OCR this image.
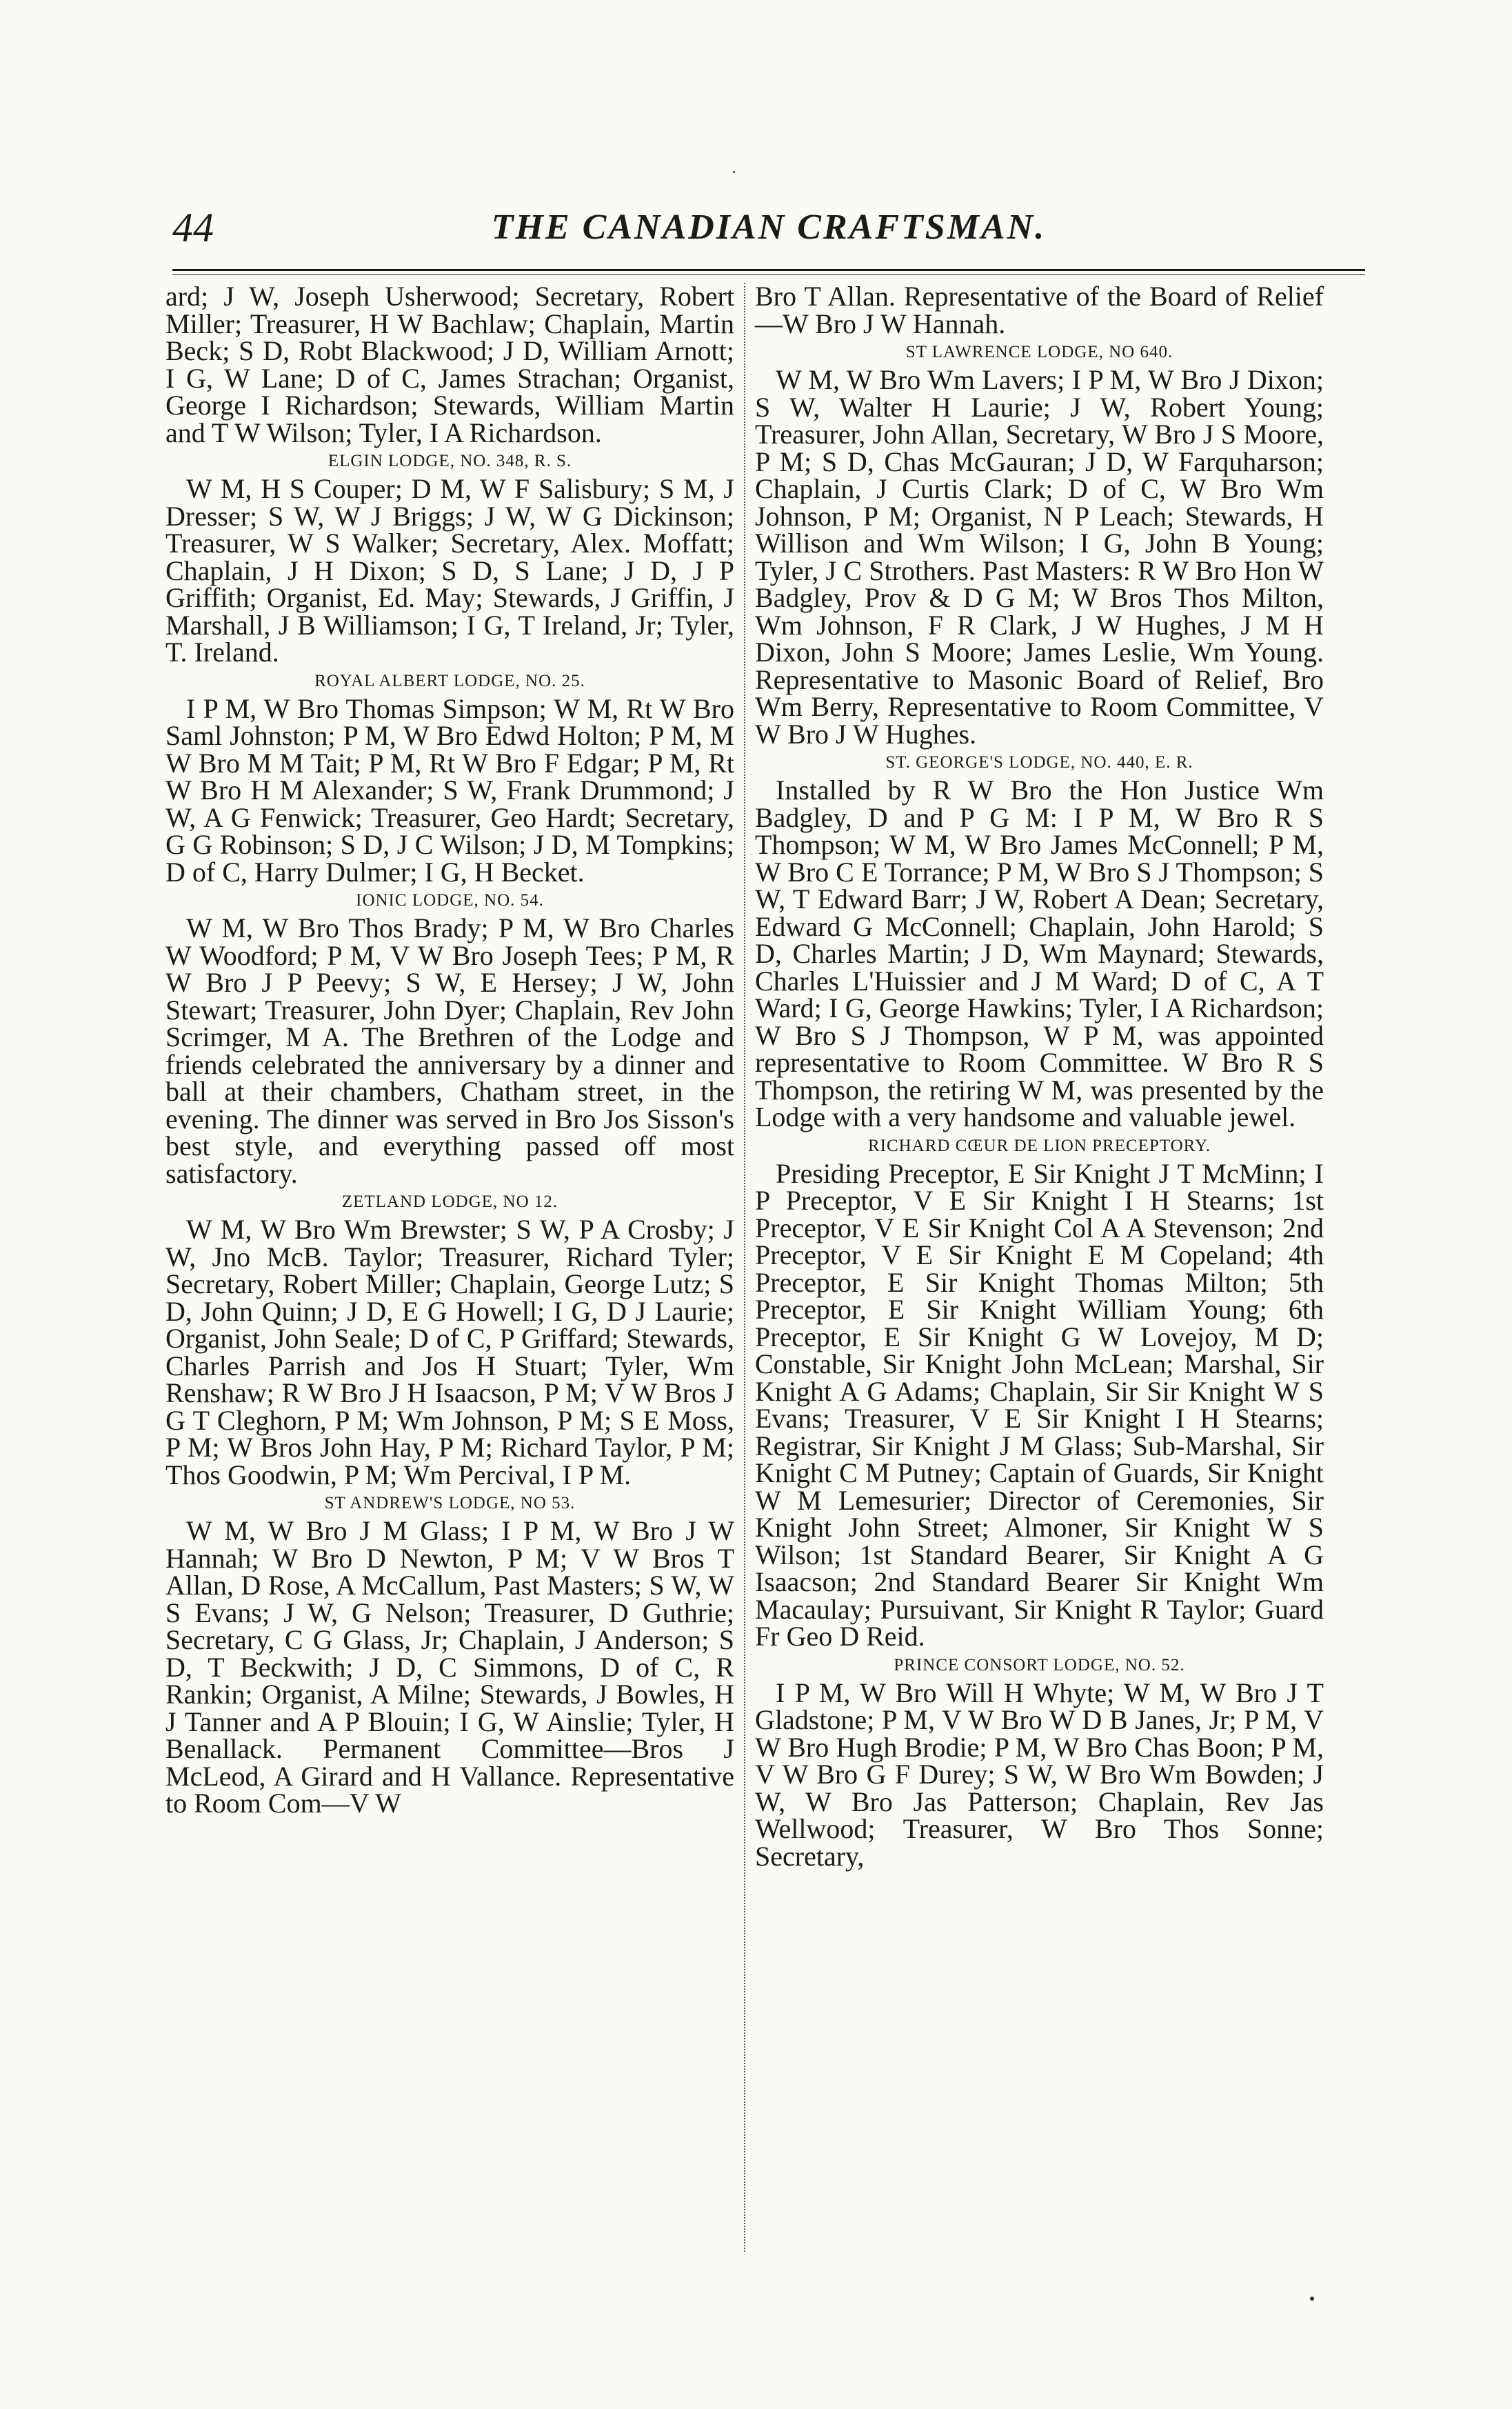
44	THE CANADIAN CRAFTSMAN.

ard; J W, Joseph Usherwood; Secretary, Robert Miller; Treasurer, H W Bachlaw; Chaplain, Martin Beck; S D, Robt Blackwood; J D, William Arnott; I G, W Lane; D of C, James Strachan; Organist, George I Richardson; Stewards, William Martin and T W Wilson; Tyler, I A Richardson.

ELGIN LODGE, NO. 348, R. S.

W M, H S Couper; D M, W F Salisbury; S M, J Dresser; S W, W J Briggs; J W, W G Dickinson; Treasurer, W S Walker; Secretary, Alex. Moffatt; Chaplain, J H Dixon; S D, S Lane; J D, J P Griffith; Organist, Ed. May; Stewards, J Griffin, J Marshall, J B Williamson; I G, T Ireland, Jr; Tyler, T. Ireland.

ROYAL ALBERT LODGE, NO. 25.

I P M, W Bro Thomas Simpson; W M, Rt W Bro Saml Johnston; P M, W Bro Edwd Holton; P M, M W Bro M M Tait; P M, Rt W Bro F Edgar; P M, Rt W Bro H M Alexander; S W, Frank Drummond; J W, A G Fenwick; Treasurer, Geo Hardt; Secretary, G G Robinson; S D, J C Wilson; J D, M Tompkins; D of C, Harry Dulmer; I G, H Becket.

IONIC LODGE, NO. 54.

W M, W Bro Thos Brady; P M, W Bro Charles W Woodford; P M, V W Bro Joseph Tees; P M, R W Bro J P Peevy; S W, E Hersey; J W, John Stewart; Treasurer, John Dyer; Chaplain, Rev John Scrimger, M A. The Brethren of the Lodge and friends celebrated the anniversary by a dinner and ball at their chambers, Chatham street, in the evening. The dinner was served in Bro Jos Sisson's best style, and everything passed off most satisfactory.

ZETLAND LODGE, NO 12.

W M, W Bro Wm Brewster; S W, P A Crosby; J W, Jno McB. Taylor; Treasurer, Richard Tyler; Secretary, Robert Miller; Chaplain, George Lutz; S D, John Quinn; J D, E G Howell; I G, D J Laurie; Organist, John Seale; D of C, P Griffard; Stewards, Charles Parrish and Jos H Stuart; Tyler, Wm Renshaw; R W Bro J H Isaacson, P M; V W Bros J G T Cleghorn, P M; Wm Johnson, P M; S E Moss, P M; W Bros John Hay, P M; Richard Taylor, P M; Thos Goodwin, P M; Wm Percival, I P M.

ST ANDREW'S LODGE, NO 53.

W M, W Bro J M Glass; I P M, W Bro J W Hannah; W Bro D Newton, P M; V W Bros T Allan, D Rose, A McCallum, Past Masters; S W, W S Evans; J W, G Nelson; Treasurer, D Guthrie; Secretary, C G Glass, Jr; Chaplain, J Anderson; S D, T Beckwith; J D, C Simmons, D of C, R Rankin; Organist, A Milne; Stewards, J Bowles, H J Tanner and A P Blouin; I G, W Ainslie; Tyler, H Benallack. Permanent Committee—Bros J McLeod, A Girard and H Vallance. Representative to Room Com—V W

Bro T Allan. Representative of the Board of Relief—W Bro J W Hannah.

ST LAWRENCE LODGE, NO 640.

W M, W Bro Wm Lavers; I P M, W Bro J Dixon; S W, Walter H Laurie; J W, Robert Young; Treasurer, John Allan, Secretary, W Bro J S Moore, P M; S D, Chas McGauran; J D, W Farquharson; Chaplain, J Curtis Clark; D of C, W Bro Wm Johnson, P M; Organist, N P Leach; Stewards, H Willison and Wm Wilson; I G, John B Young; Tyler, J C Strothers. Past Masters: R W Bro Hon W Badgley, Prov & D G M; W Bros Thos Milton, Wm Johnson, F R Clark, J W Hughes, J M H Dixon, John S Moore; James Leslie, Wm Young. Representative to Masonic Board of Relief, Bro Wm Berry, Representative to Room Committee, V W Bro J W Hughes.

ST. GEORGE'S LODGE, NO. 440, E. R.

Installed by R W Bro the Hon Justice Wm Badgley, D and P G M: I P M, W Bro R S Thompson; W M, W Bro James McConnell; P M, W Bro C E Torrance; P M, W Bro S J Thompson; S W, T Edward Barr; J W, Robert A Dean; Secretary, Edward G McConnell; Chaplain, John Harold; S D, Charles Martin; J D, Wm Maynard; Stewards, Charles L'Huissier and J M Ward; D of C, A T Ward; I G, George Hawkins; Tyler, I A Richardson; W Bro S J Thompson, W P M, was appointed representative to Room Committee. W Bro R S Thompson, the retiring W M, was presented by the Lodge with a very handsome and valuable jewel.

RICHARD CŒUR DE LION PRECEPTORY.

Presiding Preceptor, E Sir Knight J T McMinn; I P Preceptor, V E Sir Knight I H Stearns; 1st Preceptor, V E Sir Knight Col A A Stevenson; 2nd Preceptor, V E Sir Knight E M Copeland; 4th Preceptor, E Sir Knight Thomas Milton; 5th Preceptor, E Sir Knight William Young; 6th Preceptor, E Sir Knight G W Lovejoy, M D; Constable, Sir Knight John McLean; Marshal, Sir Knight A G Adams; Chaplain, Sir Sir Knight W S Evans; Treasurer, V E Sir Knight I H Stearns; Registrar, Sir Knight J M Glass; Sub-Marshal, Sir Knight C M Putney; Captain of Guards, Sir Knight W M Lemesurier; Director of Ceremonies, Sir Knight John Street; Almoner, Sir Knight W S Wilson; 1st Standard Bearer, Sir Knight A G Isaacson; 2nd Standard Bearer Sir Knight Wm Macaulay; Pursuivant, Sir Knight R Taylor; Guard Fr Geo D Reid.

PRINCE CONSORT LODGE, NO. 52.

I P M, W Bro Will H Whyte; W M, W Bro J T Gladstone; P M, V W Bro W D B Janes, Jr; P M, V W Bro Hugh Brodie; P M, W Bro Chas Boon; P M, V W Bro G F Durey; S W, W Bro Wm Bowden; J W, W Bro Jas Patterson; Chaplain, Rev Jas Wellwood; Treasurer, W Bro Thos Sonne; Secretary,
